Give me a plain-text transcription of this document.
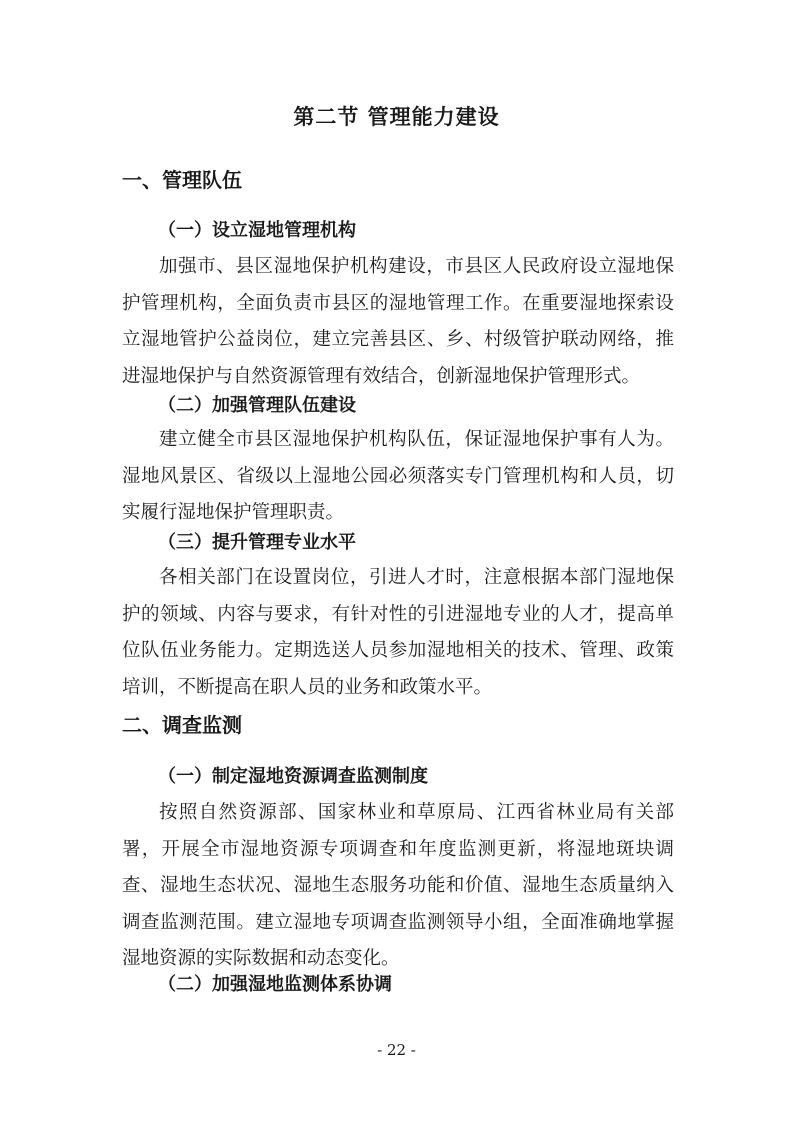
第二节 管理能力建设
一、管理队伍
（一）设立湿地管理机构
加强市、县区湿地保护机构建设，市县区人民政府设立湿地保护管理机构，全面负责市县区的湿地管理工作。在重要湿地探索设立湿地管护公益岗位，建立完善县区、乡、村级管护联动网络，推进湿地保护与自然资源管理有效结合，创新湿地保护管理形式。
（二）加强管理队伍建设
建立健全市县区湿地保护机构队伍，保证湿地保护事有人为。湿地风景区、省级以上湿地公园必须落实专门管理机构和人员，切实履行湿地保护管理职责。
（三）提升管理专业水平
各相关部门在设置岗位，引进人才时，注意根据本部门湿地保护的领域、内容与要求，有针对性的引进湿地专业的人才，提高单位队伍业务能力。定期选送人员参加湿地相关的技术、管理、政策培训，不断提高在职人员的业务和政策水平。
二、调查监测
（一）制定湿地资源调查监测制度
按照自然资源部、国家林业和草原局、江西省林业局有关部署，开展全市湿地资源专项调查和年度监测更新，将湿地斑块调查、湿地生态状况、湿地生态服务功能和价值、湿地生态质量纳入调查监测范围。建立湿地专项调查监测领导小组，全面准确地掌握湿地资源的实际数据和动态变化。
（二）加强湿地监测体系协调
- 22 -
